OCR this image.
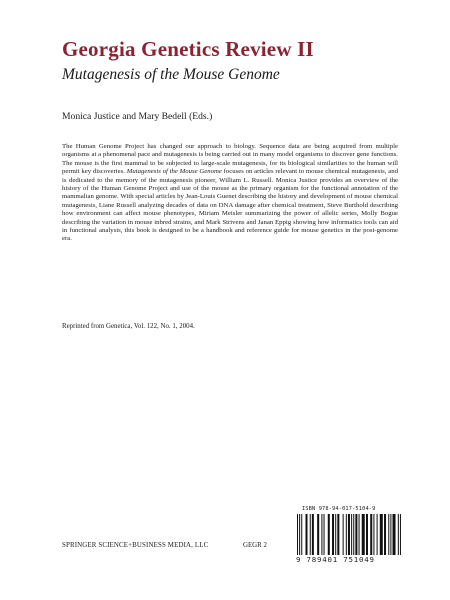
Georgia Genetics Review II
Mutagenesis of the Mouse Genome
Monica Justice and Mary Bedell (Eds.)

The Human Genome Project has changed our approach to biology. Sequence data are being acquired from multiple organisms at a phenomenal pace and mutagenesis is being carried out in many model organisms to discover gene functions. The mouse is the first mammal to be subjected to large-scale mutagenesis, for its biological similarities to the human will permit key discoveries. Mutagenesis of the Mouse Genome focuses on articles relevant to mouse chemical mutagenesis, and is dedicated to the memory of the mutagenesis pioneer, William L. Russell. Monica Justice provides an overview of the history of the Human Genome Project and use of the mouse as the primary organism for the functional annotation of the mammalian genome. With special articles by Jean-Louis Guenet describing the history and development of mouse chemical mutagenesis, Liane Russell analyzing decades of data on DNA damage after chemical treatment, Steve Burthold describing how environment can affect mouse phenotypes, Miriam Meisler summarizing the power of allelic series, Molly Bogue describing the variation in mouse inbred strains, and Mark Strivens and Janan Eppig showing how informatics tools can aid in functional analysis, this book is designed to be a handbook and reference guide for mouse genetics in the post-genome era.

Reprinted from Genetica, Vol. 122, No. 1, 2004.
SPRINGER SCIENCE+BUSINESS MEDIA, LLC	GEGR 2
ISBN 978-94-017-5104-9
9 789401 751049
